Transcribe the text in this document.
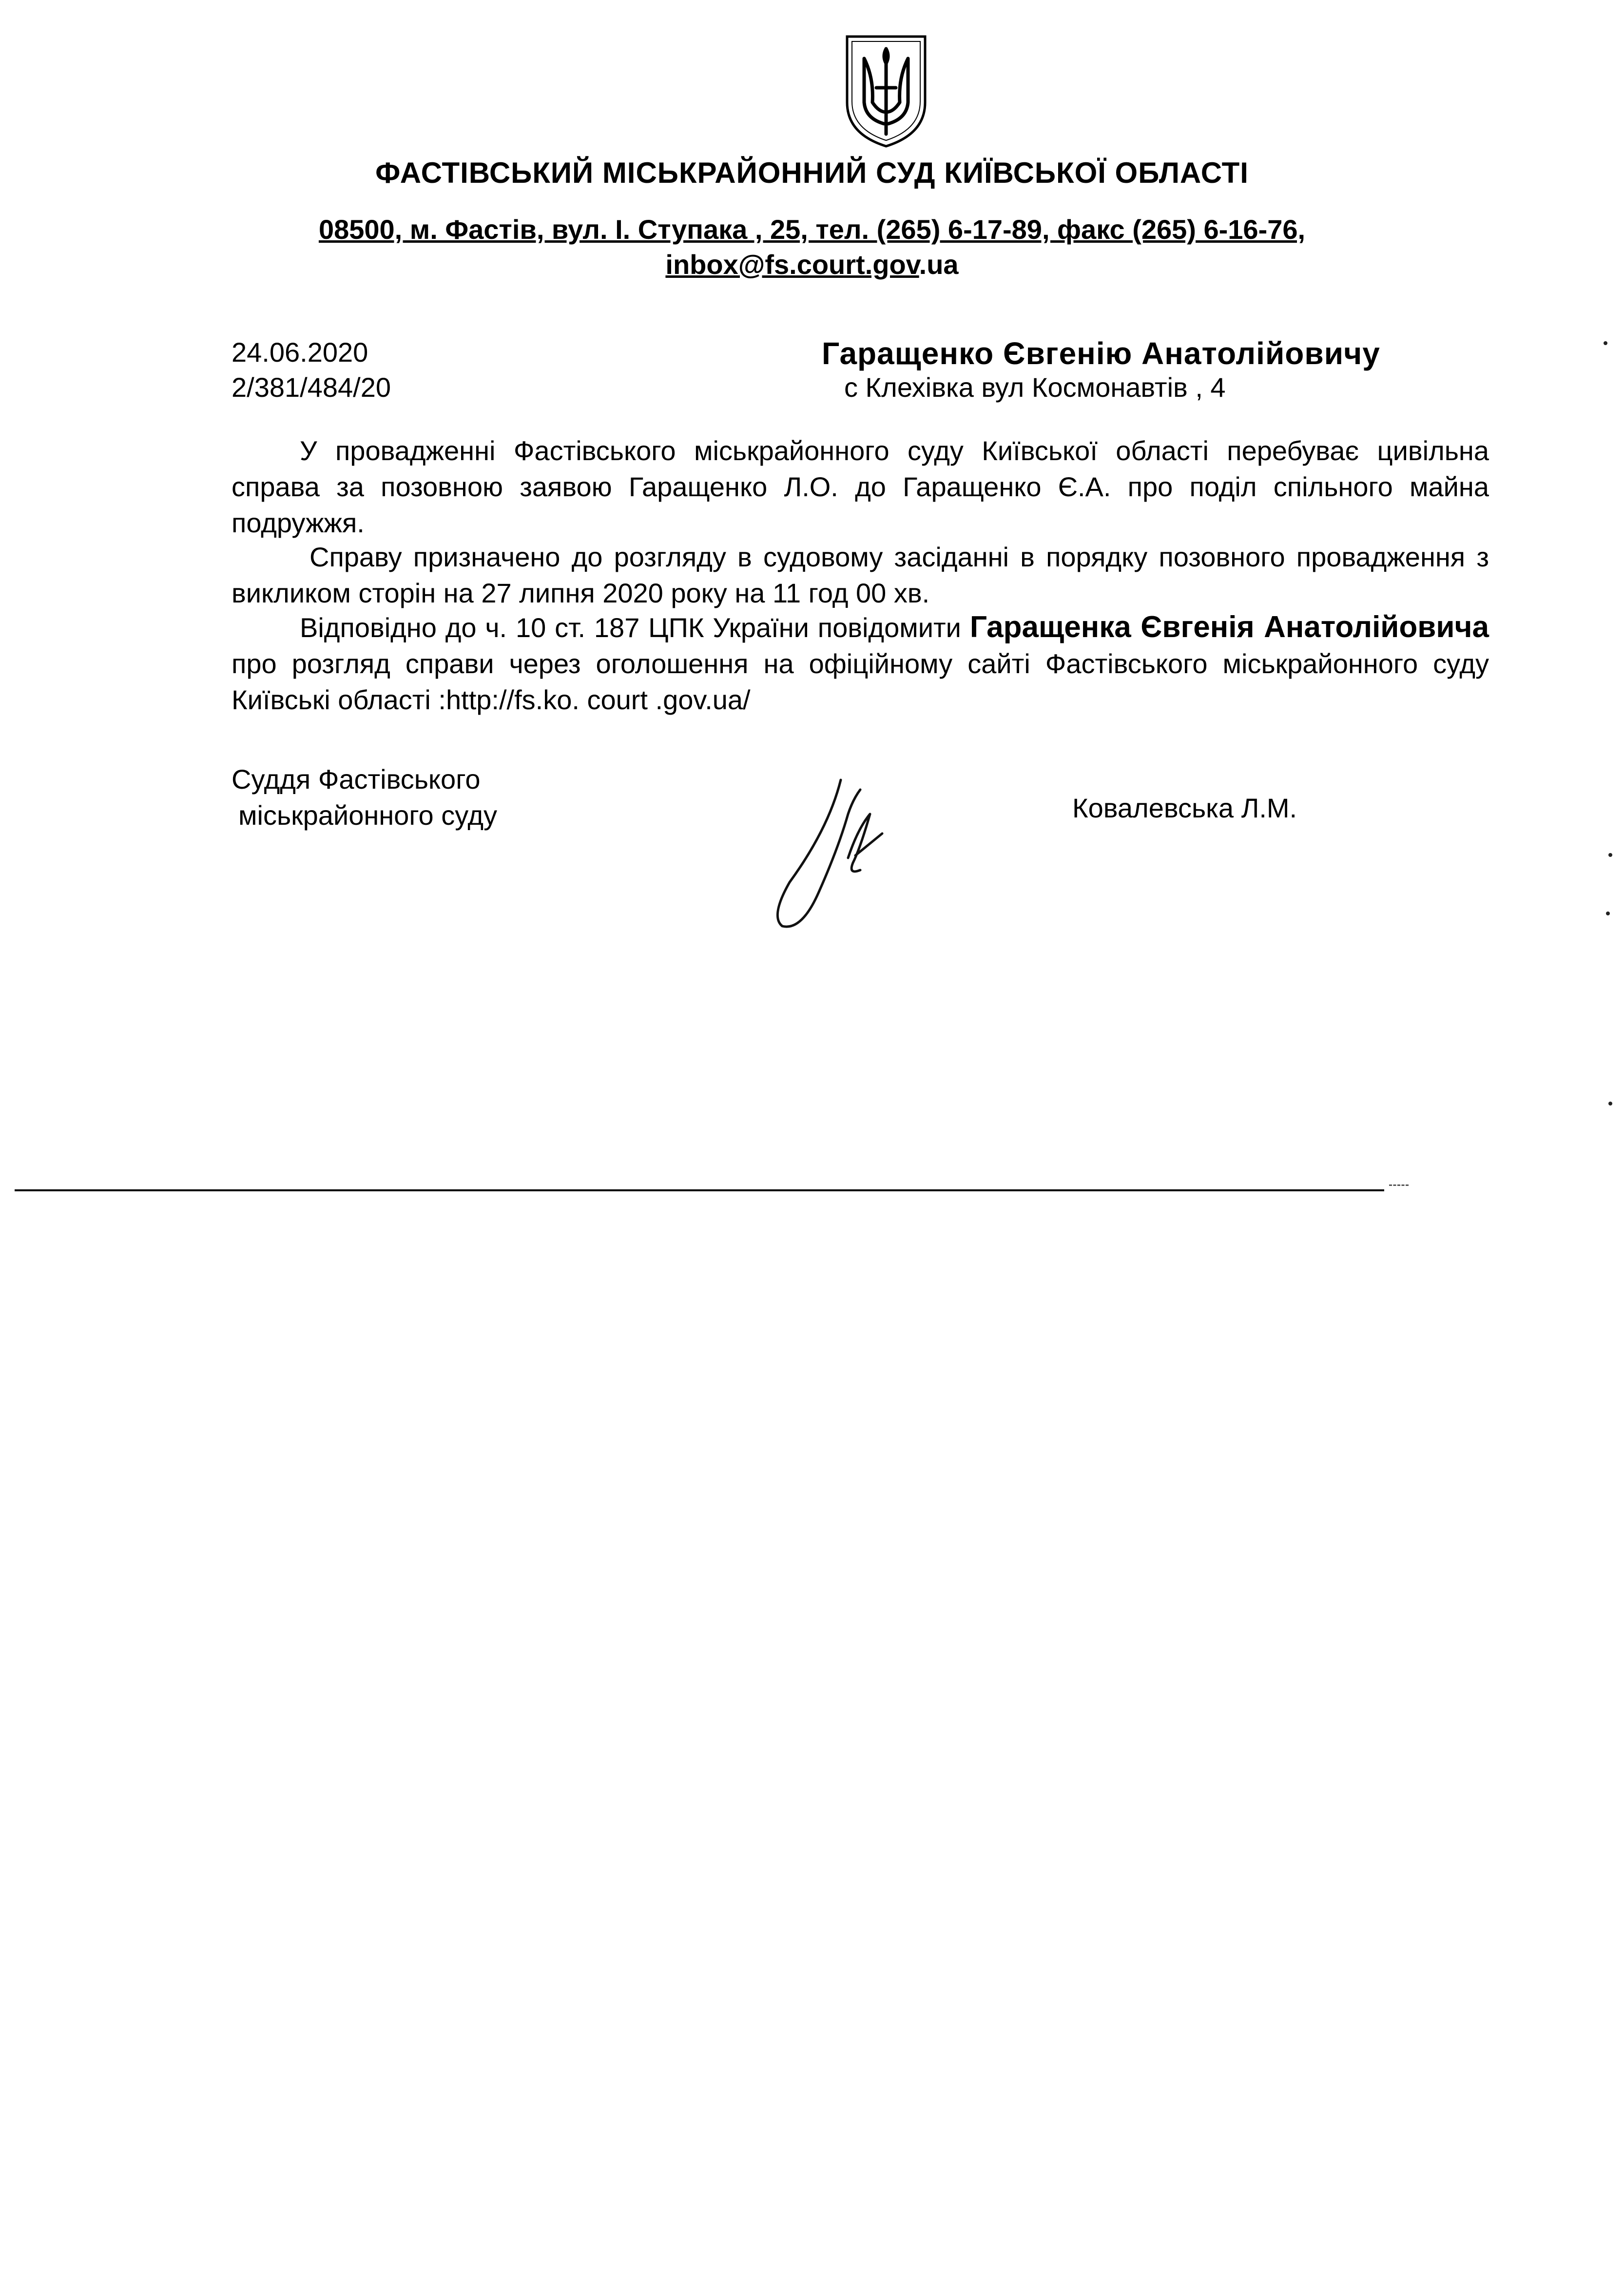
ФАСТІВСЬКИЙ МІСЬКРАЙОННИЙ СУД КИЇВСЬКОЇ ОБЛАСТІ
08500, м. Фастів, вул. І. Ступака , 25, тел. (265) 6-17-89, факс (265) 6-16-76,
inbox@fs.court.gov.ua
24.06.2020
2/381/484/20
Гаращенко Євгенію Анатолійовичу
с Клехівка вул Космонавтів , 4
У провадженні Фастівського міськрайонного суду Київської області перебуває цивільна справа за позовною заявою Гаращенко Л.О. до Гаращенко Є.А. про поділ спільного майна подружжя.
Справу призначено до розгляду в судовому засіданні в порядку позовного провадження з викликом сторін на 27 липня 2020 року на 11 год 00 хв.
Відповідно до ч. 10 ст. 187 ЦПК України повідомити Гаращенка Євгенія Анатолійовича про розгляд справи через оголошення на офіційному сайті Фастівського міськрайонного суду Київські області :http://fs.ko. court .gov.ua/
Суддя Фастівського
міськрайонного суду	Ковалевська Л.М.
